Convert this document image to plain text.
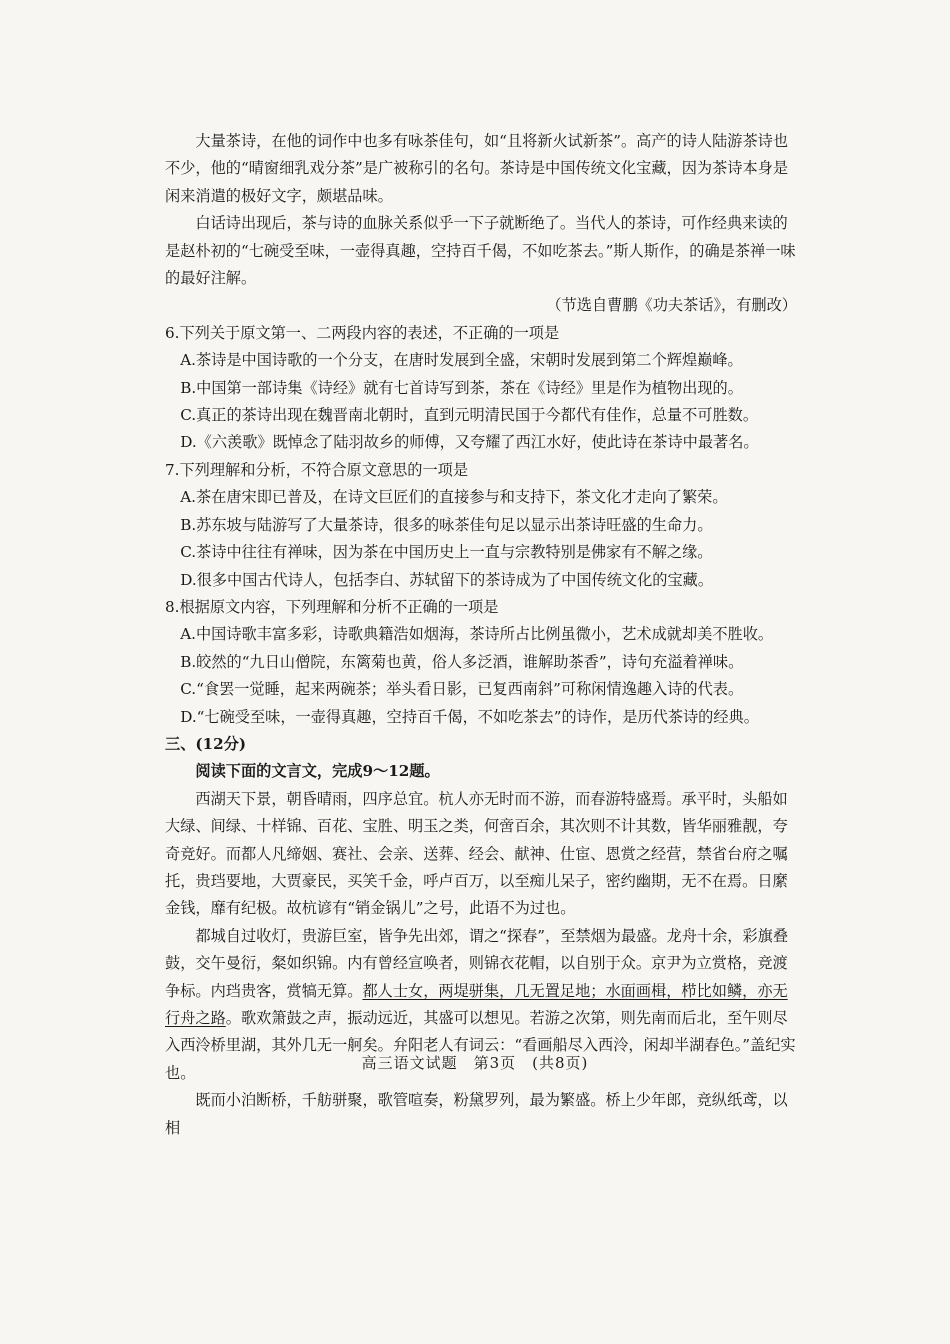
大量茶诗，在他的词作中也多有咏茶佳句，如“且将新火试新茶”。高产的诗人陆游茶诗也不少，他的“晴窗细乳戏分茶”是广被称引的名句。茶诗是中国传统文化宝藏，因为茶诗本身是闲来消遣的极好文字，颇堪品味。

白话诗出现后，茶与诗的血脉关系似乎一下子就断绝了。当代人的茶诗，可作经典来读的是赵朴初的“七碗受至味，一壶得真趣，空持百千偈，不如吃茶去。”斯人斯作，的确是茶禅一味的最好注解。

（节选自曹鹏《功夫茶话》，有删改）

6.下列关于原文第一、二两段内容的表述，不正确的一项是

A.茶诗是中国诗歌的一个分支，在唐时发展到全盛，宋朝时发展到第二个辉煌巅峰。

B.中国第一部诗集《诗经》就有七首诗写到茶，茶在《诗经》里是作为植物出现的。

C.真正的茶诗出现在魏晋南北朝时，直到元明清民国于今都代有佳作，总量不可胜数。

D.《六羡歌》既悼念了陆羽故乡的师傅，又夸耀了西江水好，使此诗在茶诗中最著名。

7.下列理解和分析，不符合原文意思的一项是

A.茶在唐宋即已普及，在诗文巨匠们的直接参与和支持下，茶文化才走向了繁荣。

B.苏东坡与陆游写了大量茶诗，很多的咏茶佳句足以显示出茶诗旺盛的生命力。

C.茶诗中往往有禅味，因为茶在中国历史上一直与宗教特别是佛家有不解之缘。

D.很多中国古代诗人，包括李白、苏轼留下的茶诗成为了中国传统文化的宝藏。

8.根据原文内容，下列理解和分析不正确的一项是

A.中国诗歌丰富多彩，诗歌典籍浩如烟海，茶诗所占比例虽微小，艺术成就却美不胜收。

B.皎然的“九日山僧院，东篱菊也黄，俗人多泛酒，谁解助茶香”，诗句充溢着禅味。

C.“食罢一觉睡，起来两碗茶；举头看日影，已复西南斜”可称闲情逸趣入诗的代表。

D.“七碗受至味，一壶得真趣，空持百千偈，不如吃茶去”的诗作，是历代茶诗的经典。

三、(12分)

阅读下面的文言文，完成9～12题。

西湖天下景，朝昏晴雨，四序总宜。杭人亦无时而不游，而春游特盛焉。承平时，头船如大绿、间绿、十样锦、百花、宝胜、明玉之类，何啻百余，其次则不计其数，皆华丽雅靓，夸奇竞好。而都人凡缔姻、赛社、会亲、送葬、经会、献神、仕宦、恩赏之经营，禁省台府之嘱托，贵珰要地，大贾豪民，买笑千金，呼卢百万，以至痴儿呆子，密约幽期，无不在焉。日縻金钱，靡有纪极。故杭谚有“销金锅儿”之号，此语不为过也。

都城自过收灯，贵游巨室，皆争先出郊，谓之“探春”，至禁烟为最盛。龙舟十余，彩旗叠鼓，交午曼衍，粲如织锦。内有曾经宣唤者，则锦衣花帽，以自别于众。京尹为立赏格，竞渡争标。内珰贵客，赏犒无算。都人士女，两堤骈集，几无置足地；水面画楫，栉比如鳞，亦无行舟之路。歌欢箫鼓之声，振动远近，其盛可以想见。若游之次第，则先南而后北，至午则尽入西泠桥里湖，其外几无一舸矣。弁阳老人有词云：“看画船尽入西泠，闲却半湖春色。”盖纪实也。

既而小泊断桥，千舫骈聚，歌管喧奏，粉黛罗列，最为繁盛。桥上少年郎，竞纵纸鸢，以相

高三语文试题　第3页　(共8页)
